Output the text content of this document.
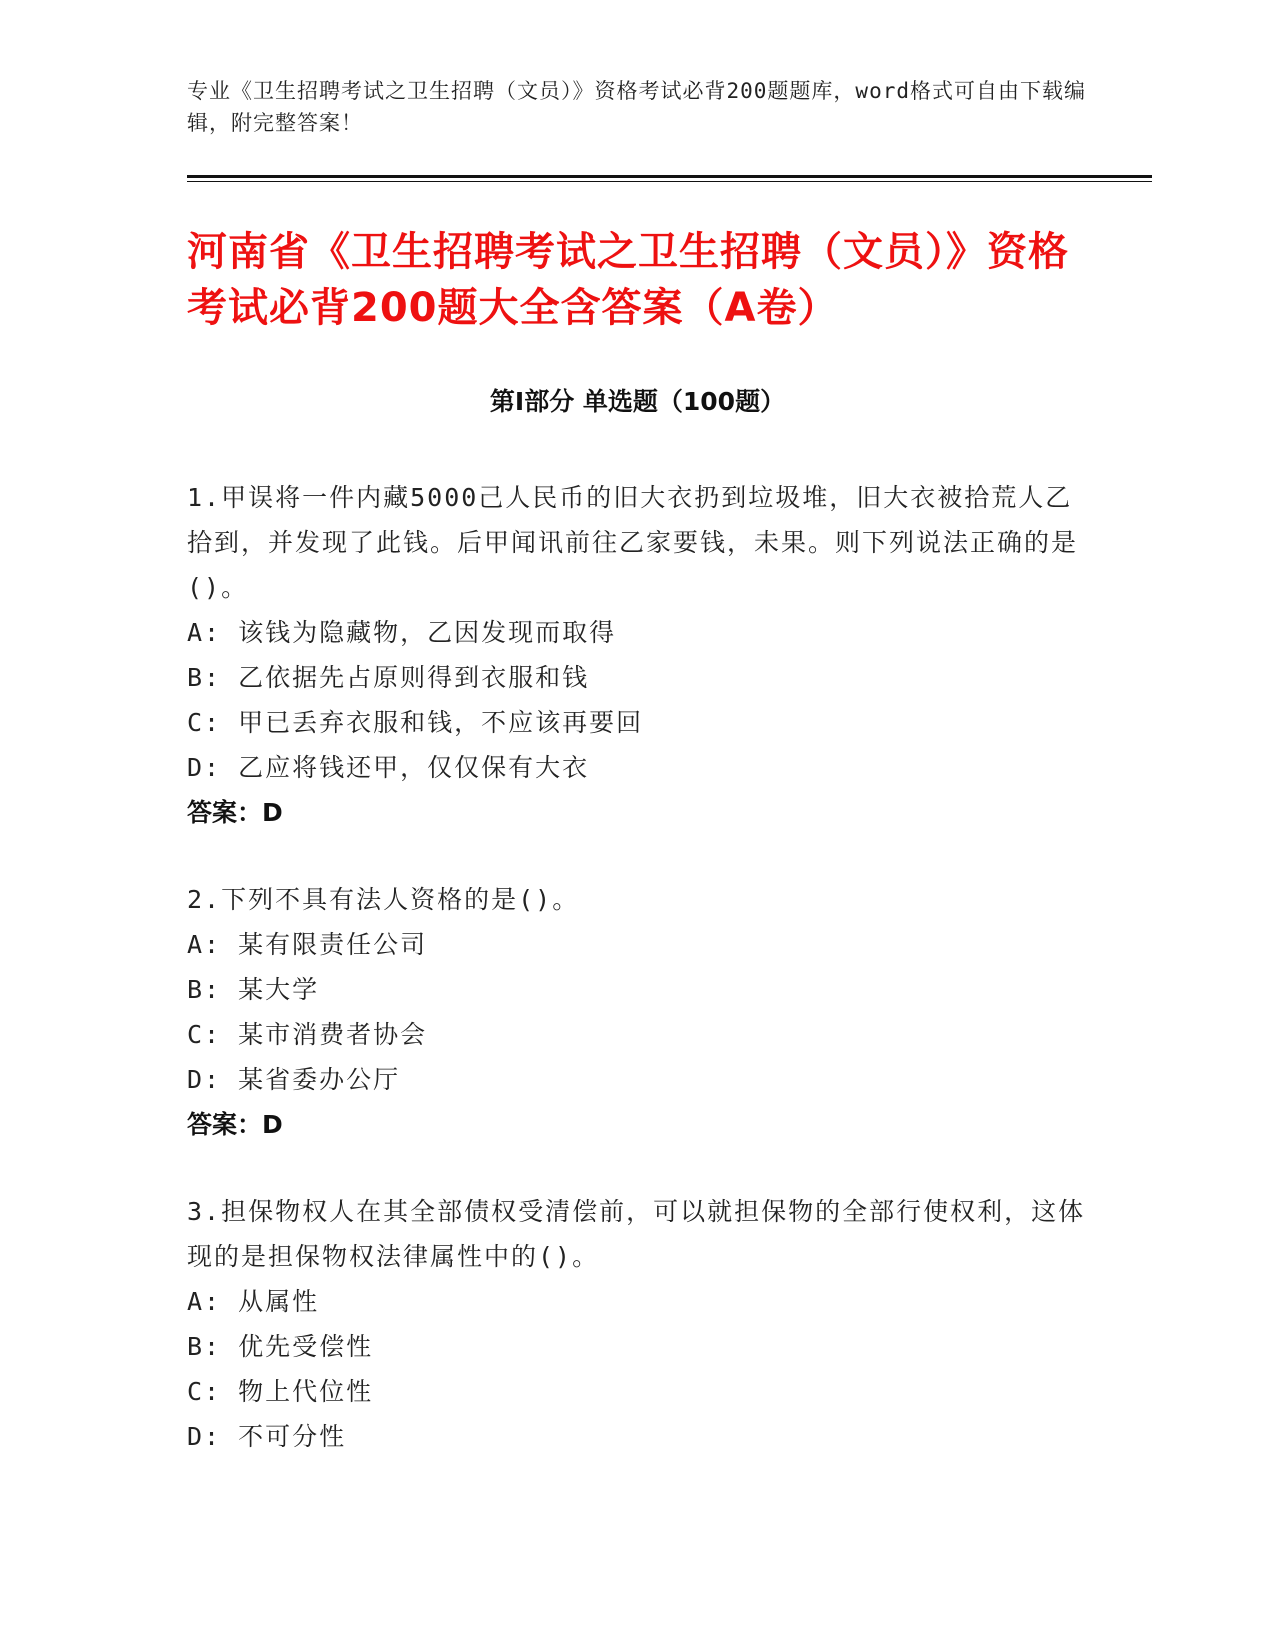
专业《卫生招聘考试之卫生招聘（文员）》资格考试必背200题题库，word格式可自由下载编辑，附完整答案！
河南省《卫生招聘考试之卫生招聘（文员）》资格考试必背200题大全含答案（A卷）
第Ⅰ部分 单选题（100题）
1.甲误将一件内藏5000己人民币的旧大衣扔到垃圾堆，旧大衣被拾荒人乙拾到，并发现了此钱。后甲闻讯前往乙家要钱，未果。则下列说法正确的是()。
A: 该钱为隐藏物，乙因发现而取得
B: 乙依据先占原则得到衣服和钱
C: 甲已丢弃衣服和钱，不应该再要回
D: 乙应将钱还甲，仅仅保有大衣
答案：D
2.下列不具有法人资格的是()。
A: 某有限责任公司
B: 某大学
C: 某市消费者协会
D: 某省委办公厅
答案：D
3.担保物权人在其全部债权受清偿前，可以就担保物的全部行使权利，这体现的是担保物权法律属性中的()。
A: 从属性
B: 优先受偿性
C: 物上代位性
D: 不可分性
